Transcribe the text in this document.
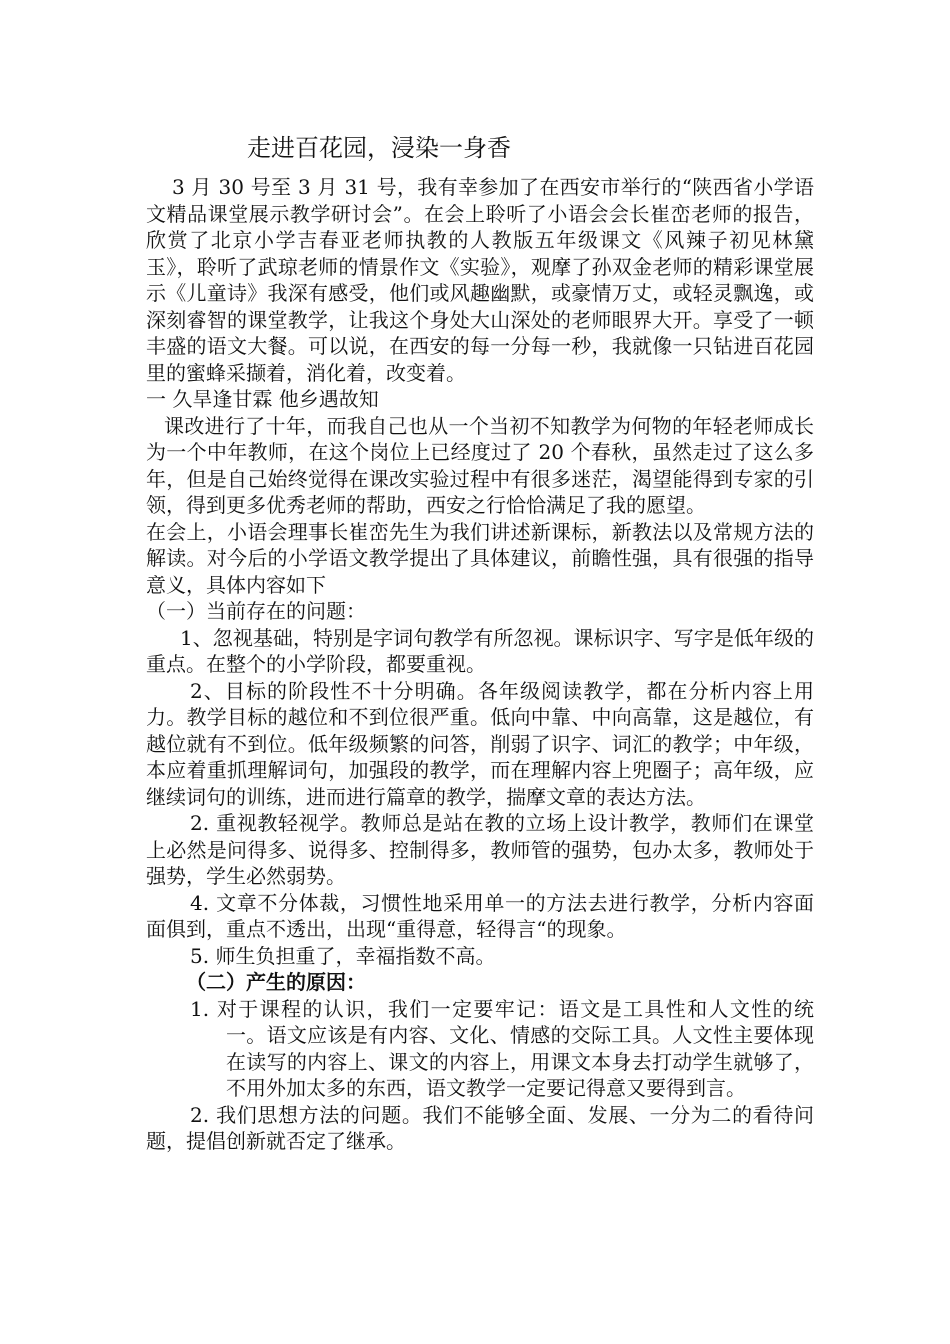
走进百花园，浸染一身香

3 月 30 号至 3 月 31 号，我有幸参加了在西安市举行的“陕西省小学语文精品课堂展示教学研讨会”。在会上聆听了小语会会长崔峦老师的报告，欣赏了北京小学吉春亚老师执教的人教版五年级课文《风辣子初见林黛玉》，聆听了武琼老师的情景作文《实验》，观摩了孙双金老师的精彩课堂展示《儿童诗》我深有感受，他们或风趣幽默，或豪情万丈，或轻灵飘逸，或深刻睿智的课堂教学，让我这个身处大山深处的老师眼界大开。享受了一顿丰盛的语文大餐。可以说，在西安的每一分每一秒，我就像一只钻进百花园里的蜜蜂采撷着，消化着，改变着。

一 久旱逢甘霖 他乡遇故知

课改进行了十年，而我自己也从一个当初不知教学为何物的年轻老师成长为一个中年教师，在这个岗位上已经度过了 20 个春秋，虽然走过了这么多年，但是自己始终觉得在课改实验过程中有很多迷茫，渴望能得到专家的引领，得到更多优秀老师的帮助，西安之行恰恰满足了我的愿望。

在会上，小语会理事长崔峦先生为我们讲述新课标，新教法以及常规方法的解读。对今后的小学语文教学提出了具体建议，前瞻性强，具有很强的指导意义，具体内容如下

（一）当前存在的问题：

1、忽视基础，特别是字词句教学有所忽视。课标识字、写字是低年级的重点。在整个的小学阶段，都要重视。

2、目标的阶段性不十分明确。各年级阅读教学，都在分析内容上用力。教学目标的越位和不到位很严重。低向中靠、中向高靠，这是越位，有越位就有不到位。低年级频繁的问答，削弱了识字、词汇的教学；中年级，本应着重抓理解词句，加强段的教学，而在理解内容上兜圈子；高年级，应继续词句的训练，进而进行篇章的教学，揣摩文章的表达方法。

2. 重视教轻视学。教师总是站在教的立场上设计教学，教师们在课堂上必然是问得多、说得多、控制得多，教师管的强势，包办太多，教师处于强势，学生必然弱势。

4. 文章不分体裁，习惯性地采用单一的方法去进行教学，分析内容面面俱到，重点不透出，出现“重得意，轻得言“的现象。

5. 师生负担重了，幸福指数不高。

（二）产生的原因：

1. 对于课程的认识，我们一定要牢记：语文是工具性和人文性的统一。语文应该是有内容、文化、情感的交际工具。人文性主要体现在读写的内容上、课文的内容上，用课文本身去打动学生就够了，不用外加太多的东西，语文教学一定要记得意又要得到言。

2. 我们思想方法的问题。我们不能够全面、发展、一分为二的看待问题，提倡创新就否定了继承。
